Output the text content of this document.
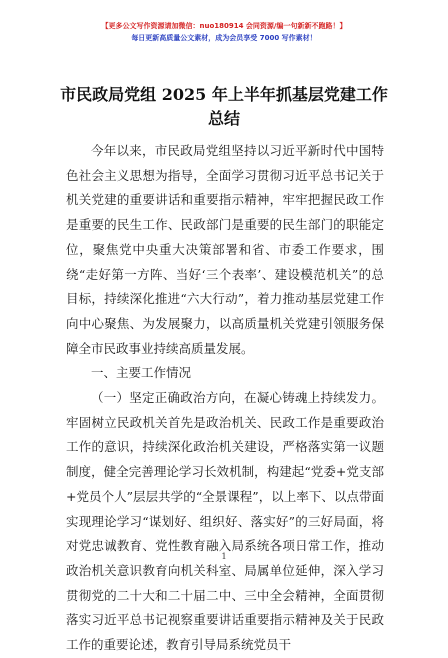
【更多公文写作资源请加微信：nuo180914 会同资源/编一句新新不跑路！】
每日更新高质量公文素材，成为会员享受 7000 写作素材！
市民政局党组 2025 年上半年抓基层党建工作总结

今年以来，市民政局党组坚持以习近平新时代中国特色社会主义思想为指导，全面学习贯彻习近平总书记关于机关党建的重要讲话和重要指示精神，牢牢把握民政工作是重要的民生工作、民政部门是重要的民生部门的职能定位，聚焦党中央重大决策部署和省、市委工作要求，围绕“走好第一方阵、当好‘三个表率’、建设模范机关”的总目标，持续深化推进“六大行动”，着力推动基层党建工作向中心聚焦、为发展聚力，以高质量机关党建引领服务保障全市民政事业持续高质量发展。

一、主要工作情况

（一）坚定正确政治方向，在凝心铸魂上持续发力。牢固树立民政机关首先是政治机关、民政工作是重要政治工作的意识，持续深化政治机关建设，严格落实第一议题制度，健全完善理论学习长效机制，构建起“党委+党支部+党员个人”层层共学的“全景课程”，以上率下、以点带面实现理论学习“谋划好、组织好、落实好”的三好局面，将对党忠诚教育、党性教育融入局系统各项日常工作，推动政治机关意识教育向机关科室、局属单位延伸，深入学习贯彻党的二十大和二十届二中、三中全会精神，全面贯彻落实习近平总书记视察重要讲话重要指示精神及关于民政工作的重要论述，教育引导局系统党员干

1
